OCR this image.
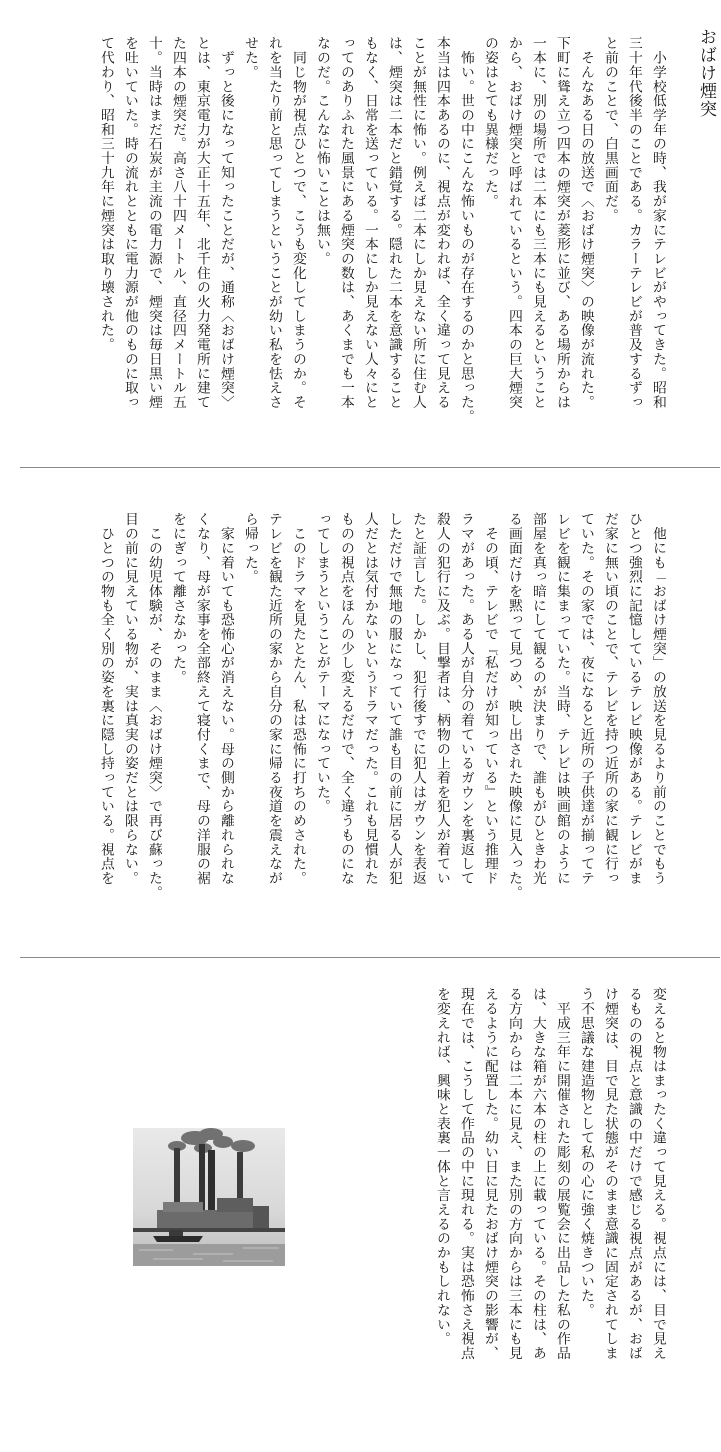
おばけ煙突
　小学校低学年の時、我が家にテレビがやってきた。昭和
三十年代後半のことである。カラーテレビが普及するずっ
と前のことで、白黒画面だ。
　そんなある日の放送で〈おばけ煙突〉の映像が流れた。
下町に聳え立つ四本の煙突が菱形に並び、ある場所からは
一本に、別の場所では二本にも三本にも見えるということ
から、おばけ煙突と呼ばれているという。四本の巨大煙突
の姿はとても異様だった。
　怖い。世の中にこんな怖いものが存在するのかと思った。
本当は四本あるのに、視点が変われば、全く違って見える
ことが無性に怖い。例えば二本にしか見えない所に住む人
は、煙突は二本だと錯覚する。隠れた二本を意識すること
もなく、日常を送っている。一本にしか見えない人々にと
ってのありふれた風景にある煙突の数は、あくまでも一本
なのだ。こんなに怖いことは無い。
　同じ物が視点ひとつで、こうも変化してしまうのか。そ
れを当たり前と思ってしまうということが幼い私を怯えさ
せた。
　ずっと後になって知ったことだが、通称〈おばけ煙突〉
とは、東京電力が大正十五年、北千住の火力発電所に建て
た四本の煙突だ。高さ八十四メートル、直径四メートル五
十。当時はまだ石炭が主流の電力源で、煙突は毎日黒い煙
を吐いていた。時の流れとともに電力源が他のものに取っ
て代わり、昭和三十九年に煙突は取り壊された。
　他にも「おばけ煙突」の放送を見るより前のことでもう
ひとつ強烈に記憶しているテレビ映像がある。テレビがま
だ家に無い頃のことで、テレビを持つ近所の家に観に行っ
ていた。その家では、夜になると近所の子供達が揃ってテ
レビを観に集まっていた。当時、テレビは映画館のように
部屋を真っ暗にして観るのが決まりで、誰もがひときわ光
る画面だけを黙って見つめ、映し出された映像に見入った。
　その頃、テレビで『私だけが知っている』という推理ド
ラマがあった。ある人が自分の着ているガウンを裏返して
殺人の犯行に及ぶ。目撃者は、柄物の上着を犯人が着てい
たと証言した。しかし、犯行後すでに犯人はガウンを表返
しただけで無地の服になっていて誰も目の前に居る人が犯
人だとは気付かないというドラマだった。これも見慣れた
ものの視点をほんの少し変えるだけで、全く違うものにな
ってしまうということがテーマになっていた。
　このドラマを見たとたん、私は恐怖に打ちのめされた。
テレビを観た近所の家から自分の家に帰る夜道を震えなが
ら帰った。
　家に着いても恐怖心が消えない。母の側から離れられな
くなり、母が家事を全部終えて寝付くまで、母の洋服の裾
をにぎって離さなかった。
　この幼児体験が、そのまま〈おばけ煙突〉で再び蘇った。
目の前に見えている物が、実は真実の姿だとは限らない。
　ひとつの物も全く別の姿を裏に隠し持っている。視点を
変えると物はまったく違って見える。視点には、目で見え
るものの視点と意識の中だけで感じる視点があるが、おば
け煙突は、目で見た状態がそのまま意識に固定されてしま
う不思議な建造物として私の心に強く焼きついた。
　平成三年に開催された彫刻の展覧会に出品した私の作品
は、大きな箱が六本の柱の上に載っている。その柱は、あ
る方向からは二本に見え、また別の方向からは三本にも見
えるように配置した。幼い日に見たおばけ煙突の影響が、
現在では、こうして作品の中に現れる。実は恐怖さえ視点
を変えれば、興味と表裏一体と言えるのかもしれない。
